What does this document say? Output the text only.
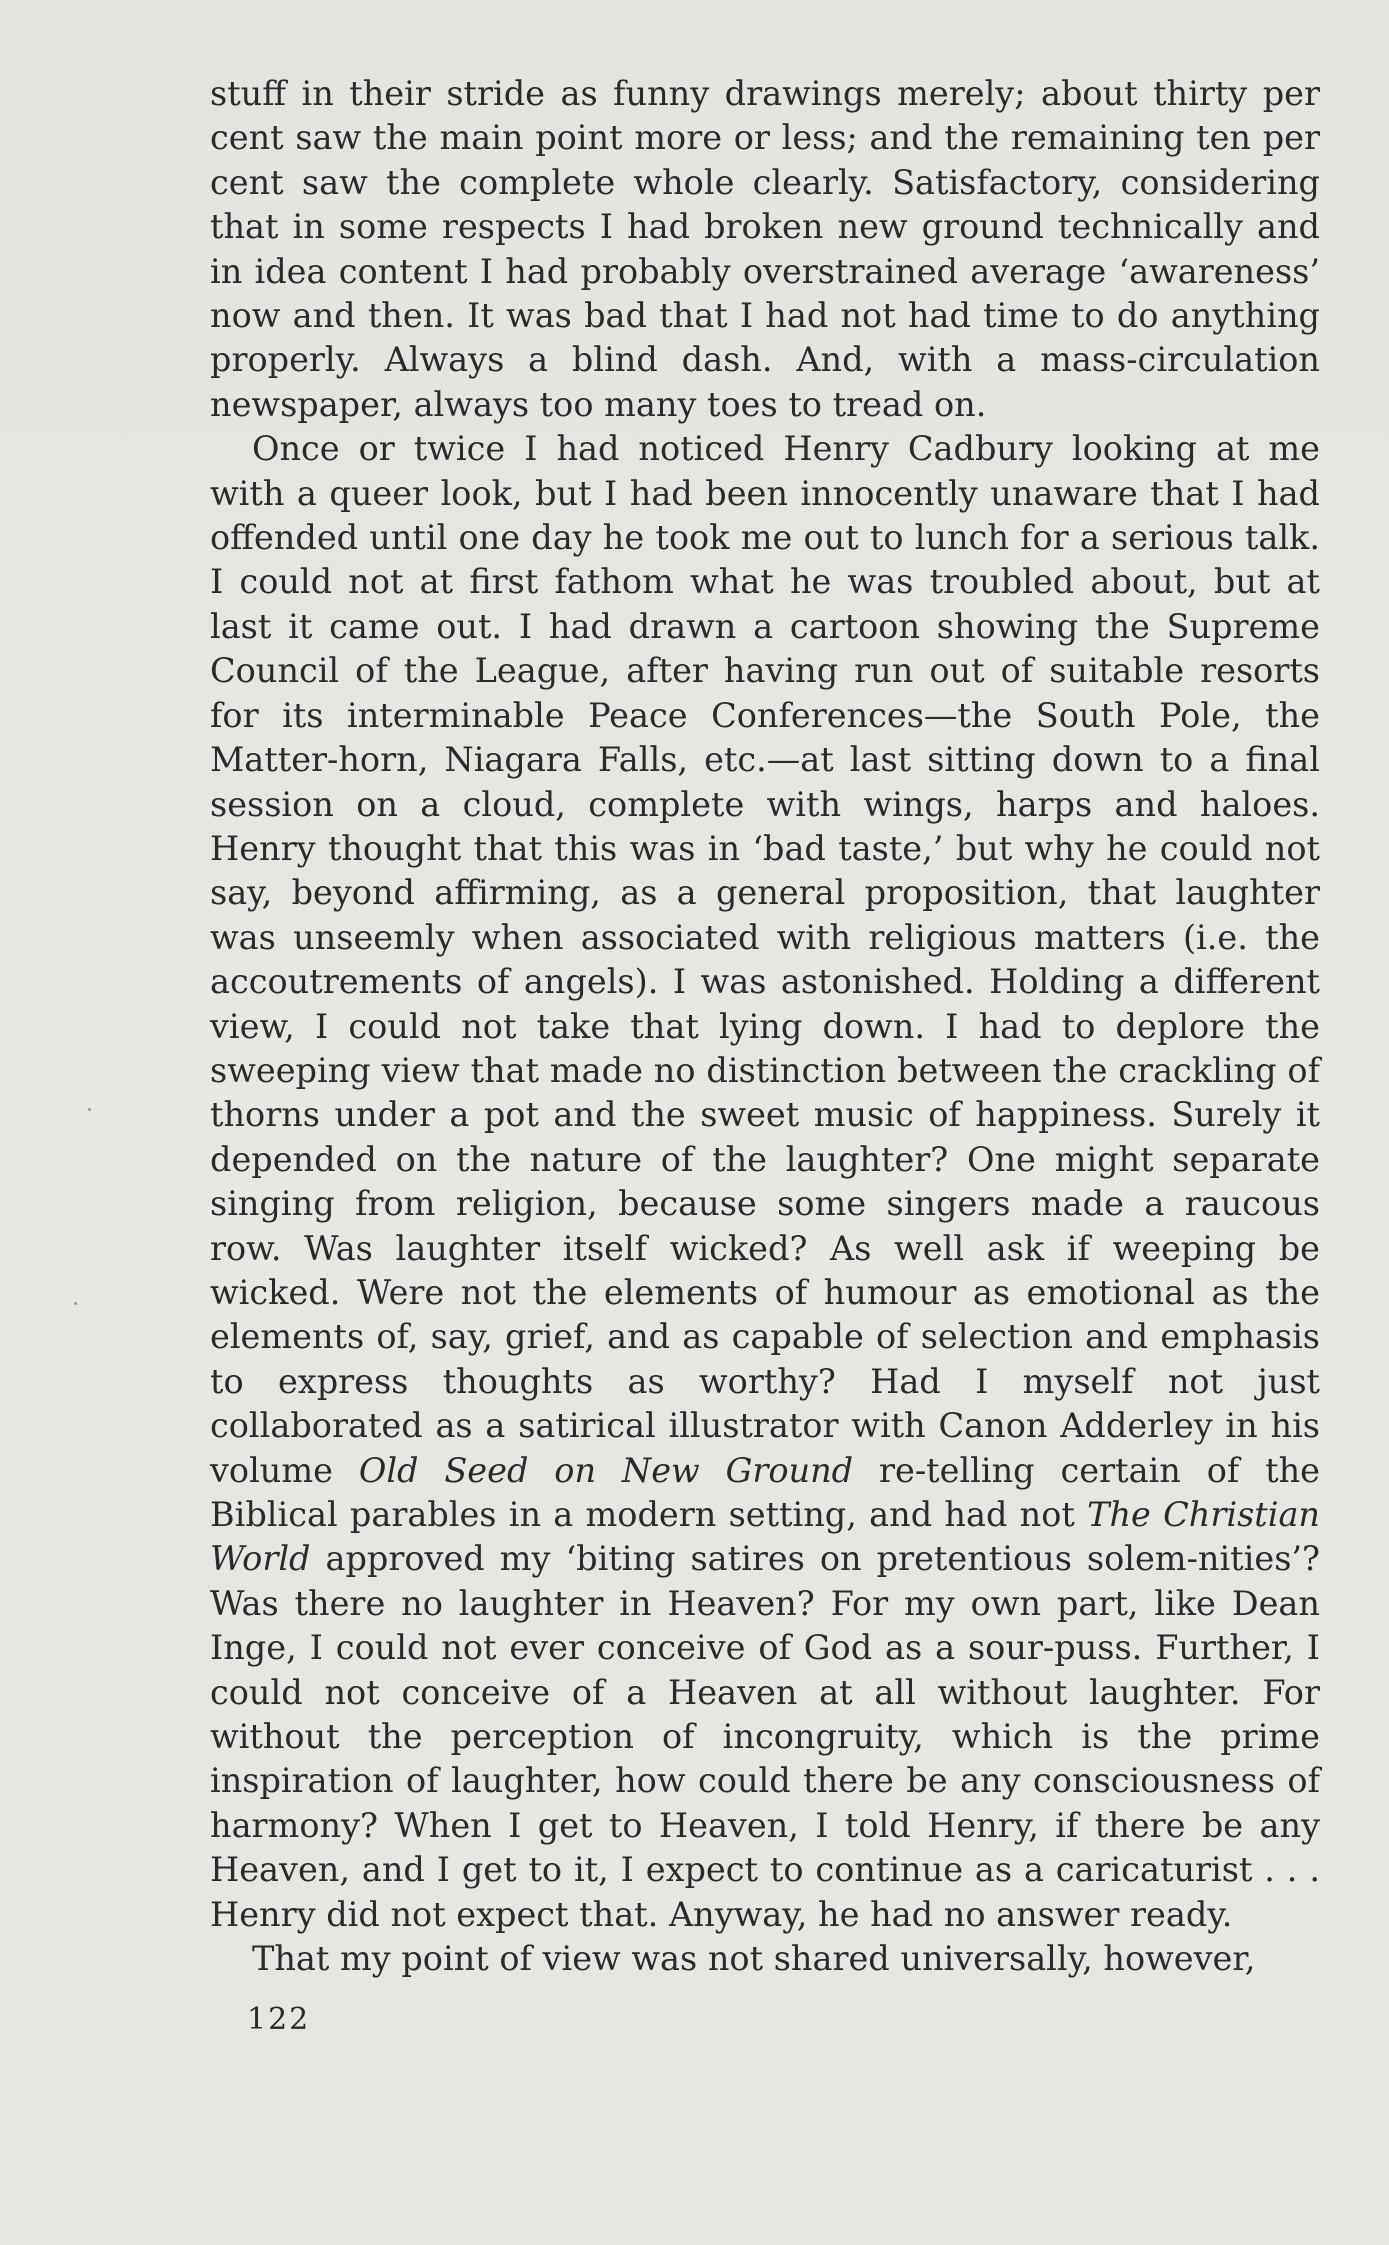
stuff in their stride as funny drawings merely; about thirty per cent saw the main point more or less; and the remaining ten per cent saw the complete whole clearly. Satisfactory, considering that in some respects I had broken new ground technically and in idea content I had probably overstrained average ‘awareness’ now and then. It was bad that I had not had time to do anything properly. Always a blind dash. And, with a mass-circulation newspaper, always too many toes to tread on.

Once or twice I had noticed Henry Cadbury looking at me with a queer look, but I had been innocently unaware that I had offended until one day he took me out to lunch for a serious talk. I could not at first fathom what he was troubled about, but at last it came out. I had drawn a cartoon showing the Supreme Council of the League, after having run out of suitable resorts for its interminable Peace Conferences—the South Pole, the Matter-horn, Niagara Falls, etc.—at last sitting down to a final session on a cloud, complete with wings, harps and haloes. Henry thought that this was in ‘bad taste,’ but why he could not say, beyond affirming, as a general proposition, that laughter was unseemly when associated with religious matters (i.e. the accoutrements of angels). I was astonished. Holding a different view, I could not take that lying down. I had to deplore the sweeping view that made no distinction between the crackling of thorns under a pot and the sweet music of happiness. Surely it depended on the nature of the laughter? One might separate singing from religion, because some singers made a raucous row. Was laughter itself wicked? As well ask if weeping be wicked. Were not the elements of humour as emotional as the elements of, say, grief, and as capable of selection and emphasis to express thoughts as worthy? Had I myself not just collaborated as a satirical illustrator with Canon Adderley in his volume Old Seed on New Ground re-telling certain of the Biblical parables in a modern setting, and had not The Christian World approved my ‘biting satires on pretentious solem-nities’? Was there no laughter in Heaven? For my own part, like Dean Inge, I could not ever conceive of God as a sour-puss. Further, I could not conceive of a Heaven at all without laughter. For without the perception of incongruity, which is the prime inspiration of laughter, how could there be any consciousness of harmony? When I get to Heaven, I told Henry, if there be any Heaven, and I get to it, I expect to continue as a caricaturist . . . Henry did not expect that. Anyway, he had no answer ready.

That my point of view was not shared universally, however,

122
